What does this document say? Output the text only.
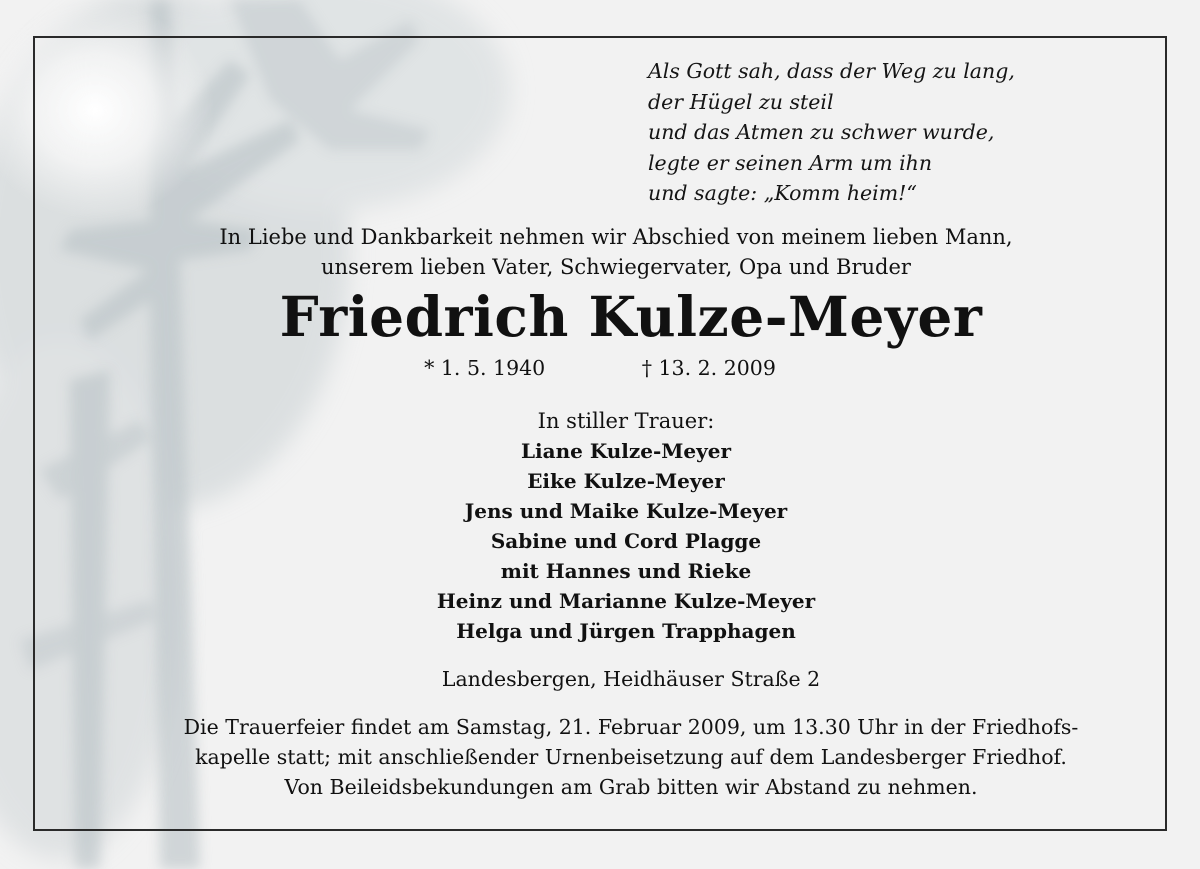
Als Gott sah, dass der Weg zu lang,
der Hügel zu steil
und das Atmen zu schwer wurde,
legte er seinen Arm um ihn
und sagte: „Komm heim!“
In Liebe und Dankbarkeit nehmen wir Abschied von meinem lieben Mann,
unserem lieben Vater, Schwiegervater, Opa und Bruder
Friedrich Kulze-Meyer
* 1. 5. 1940	† 13. 2. 2009
In stiller Trauer:
Liane Kulze-Meyer
Eike Kulze-Meyer
Jens und Maike Kulze-Meyer
Sabine und Cord Plagge
mit Hannes und Rieke
Heinz und Marianne Kulze-Meyer
Helga und Jürgen Trapphagen
Landesbergen, Heidhäuser Straße 2
Die Trauerfeier findet am Samstag, 21. Februar 2009, um 13.30 Uhr in der Friedhofs-
kapelle statt; mit anschließender Urnenbeisetzung auf dem Landesberger Friedhof.
Von Beileidsbekundungen am Grab bitten wir Abstand zu nehmen.
